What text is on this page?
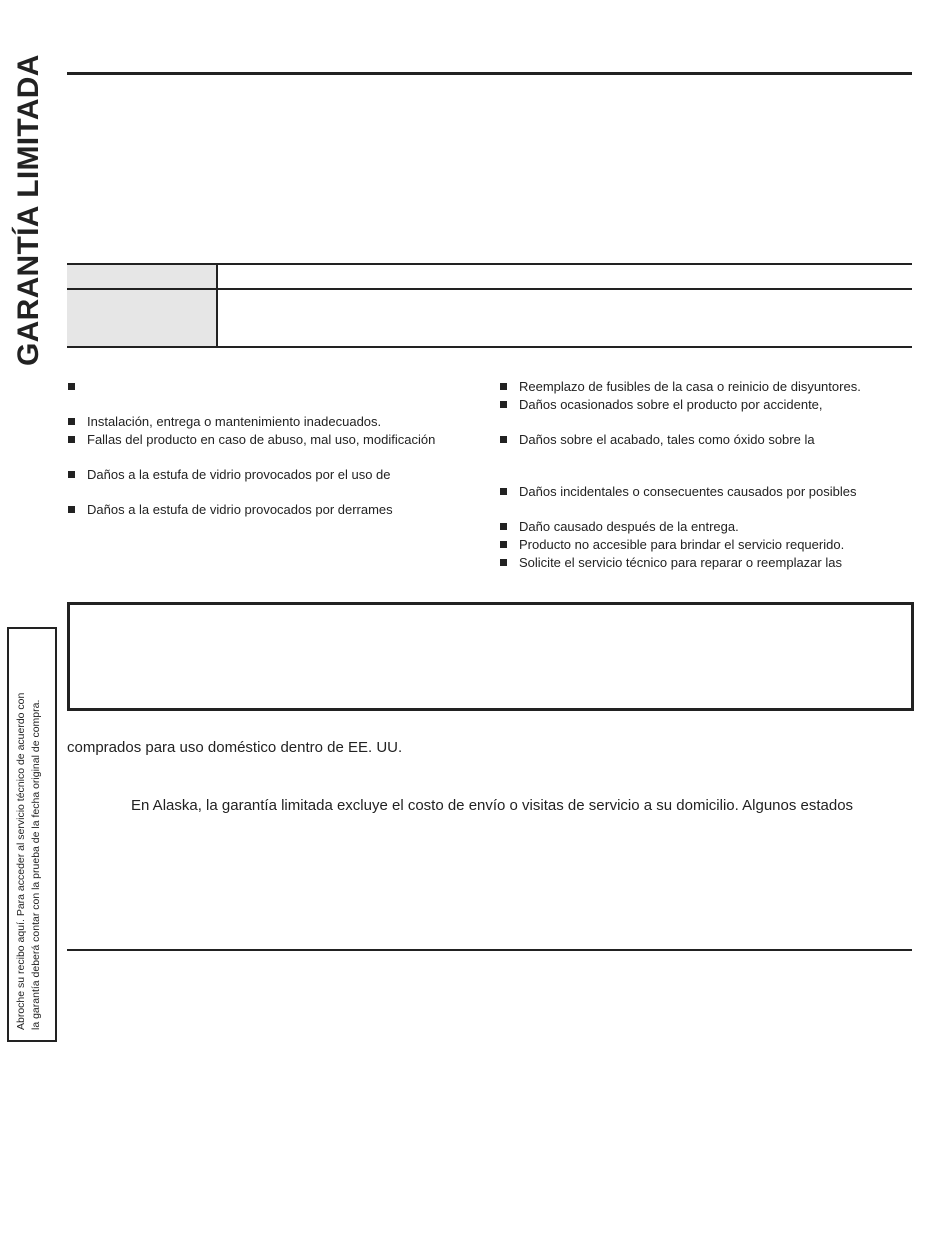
GARANTÍA LIMITADA
Instalación, entrega o mantenimiento inadecuados.
Fallas del producto en caso de abuso, mal uso, modificación
Daños a la estufa de vidrio provocados por el uso de
Daños a la estufa de vidrio provocados por derrames
Reemplazo de fusibles de la casa o reinicio de disyuntores.
Daños ocasionados sobre el producto por accidente,
Daños sobre el acabado, tales como óxido sobre la
Daños incidentales o consecuentes causados por posibles
Daño causado después de la entrega.
Producto no accesible para brindar el servicio requerido.
Solicite el servicio técnico para reparar o reemplazar las
comprados para uso doméstico dentro de EE. UU.
En Alaska, la garantía limitada excluye el costo de envío o visitas de servicio a su domicilio. Algunos estados
Abroche su recibo aquí. Para acceder al servicio técnico de acuerdo con la garantía deberá contar con la prueba de la fecha original de compra.
